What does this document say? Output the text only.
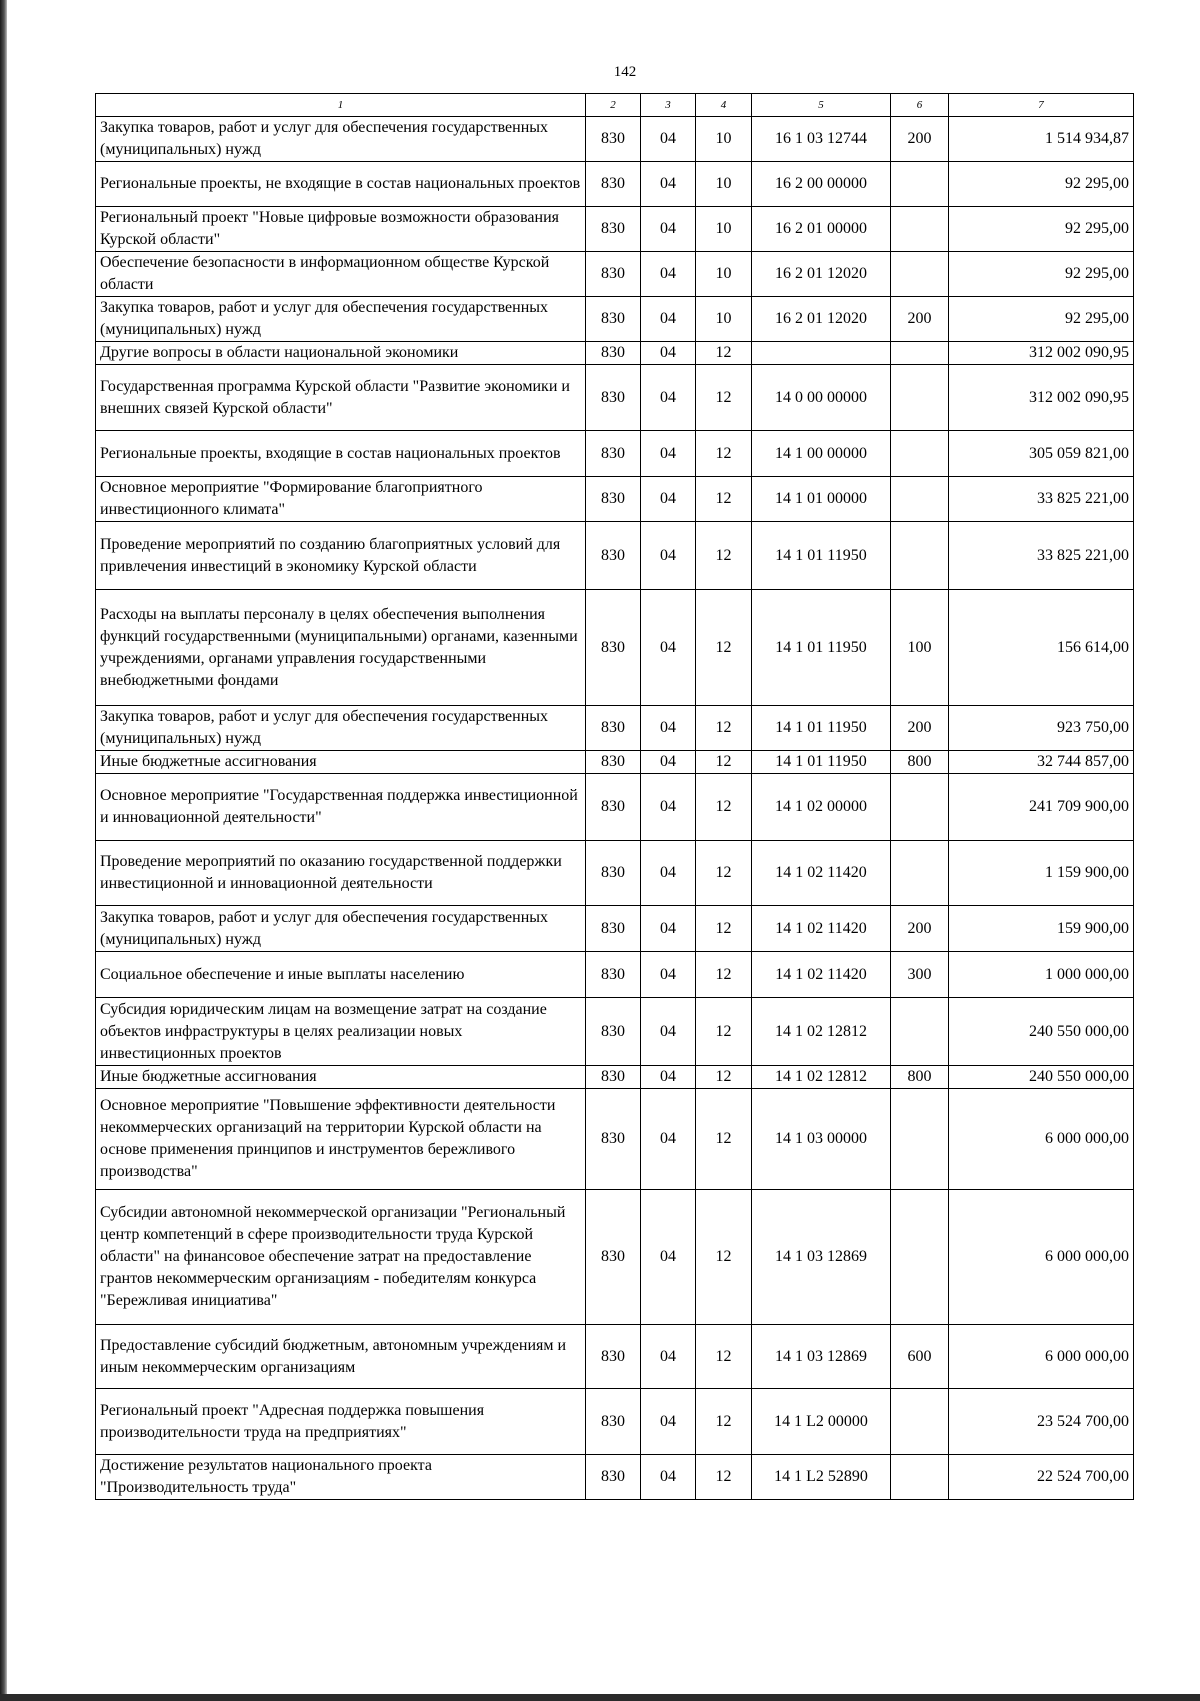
142
1	2	3	4	5	6	7
Закупка товаров, работ и услуг для обеспечения государственных (муниципальных) нужд	830	04	10	16 1 03 12744	200	1 514 934,87
Региональные проекты, не входящие в состав национальных проектов	830	04	10	16 2 00 00000		92 295,00
Региональный проект "Новые цифровые возможности образования Курской области"	830	04	10	16 2 01 00000		92 295,00
Обеспечение безопасности в информационном обществе Курской области	830	04	10	16 2 01 12020		92 295,00
Закупка товаров, работ и услуг для обеспечения государственных (муниципальных) нужд	830	04	10	16 2 01 12020	200	92 295,00
Другие вопросы в области национальной экономики	830	04	12			312 002 090,95
Государственная программа Курской области "Развитие экономики и внешних связей Курской области"	830	04	12	14 0 00 00000		312 002 090,95
Региональные проекты, входящие в состав национальных проектов	830	04	12	14 1 00 00000		305 059 821,00
Основное мероприятие "Формирование благоприятного инвестиционного климата"	830	04	12	14 1 01 00000		33 825 221,00
Проведение мероприятий по созданию благоприятных условий для привлечения инвестиций в экономику Курской области	830	04	12	14 1 01 11950		33 825 221,00
Расходы на выплаты персоналу в целях обеспечения выполнения функций государственными (муниципальными) органами, казенными учреждениями, органами управления государственными внебюджетными фондами	830	04	12	14 1 01 11950	100	156 614,00
Закупка товаров, работ и услуг для обеспечения государственных (муниципальных) нужд	830	04	12	14 1 01 11950	200	923 750,00
Иные бюджетные ассигнования	830	04	12	14 1 01 11950	800	32 744 857,00
Основное мероприятие "Государственная поддержка инвестиционной и инновационной деятельности"	830	04	12	14 1 02 00000		241 709 900,00
Проведение мероприятий по оказанию государственной поддержки инвестиционной и инновационной деятельности	830	04	12	14 1 02 11420		1 159 900,00
Закупка товаров, работ и услуг для обеспечения государственных (муниципальных) нужд	830	04	12	14 1 02 11420	200	159 900,00
Социальное обеспечение и иные выплаты населению	830	04	12	14 1 02 11420	300	1 000 000,00
Субсидия юридическим лицам на возмещение затрат на создание объектов инфраструктуры в целях реализации новых инвестиционных проектов	830	04	12	14 1 02 12812		240 550 000,00
Иные бюджетные ассигнования	830	04	12	14 1 02 12812	800	240 550 000,00
Основное мероприятие "Повышение эффективности деятельности некоммерческих организаций на территории Курской области на основе применения принципов и инструментов бережливого производства"	830	04	12	14 1 03 00000		6 000 000,00
Субсидии автономной некоммерческой организации "Региональный центр компетенций в сфере производительности труда Курской области" на финансовое обеспечение затрат на предоставление грантов некоммерческим организациям - победителям конкурса "Бережливая инициатива"	830	04	12	14 1 03 12869		6 000 000,00
Предоставление субсидий бюджетным, автономным учреждениям и иным некоммерческим организациям	830	04	12	14 1 03 12869	600	6 000 000,00
Региональный проект "Адресная поддержка повышения производительности труда на предприятиях"	830	04	12	14 1 L2 00000		23 524 700,00
Достижение результатов национального проекта "Производительность труда"	830	04	12	14 1 L2 52890		22 524 700,00
